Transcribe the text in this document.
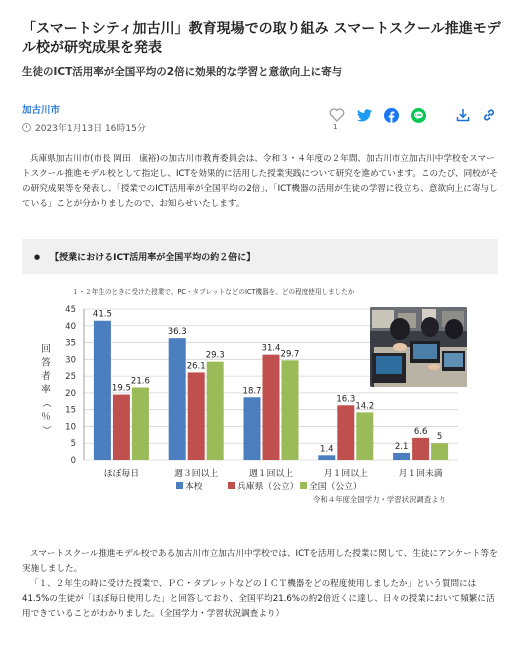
「スマートシティ加古川」教育現場での取り組み スマートスクール推進モデル校が研究成果を発表

生徒のICT活用率が全国平均の2倍に効果的な学習と意欲向上に寄与

加古川市
2023年1月13日 16時15分	1
LINE

兵庫県加古川市(市長 岡田　康裕)の加古川市教育委員会は、令和３・４年度の２年間、加古川市立加古川中学校をスマートスクール推進モデル校として指定し、ICTを効果的に活用した授業実践について研究を進めています。このたび、同校がその研究成果等を発表し、「授業でのICT活用率が全国平均の2倍」、「ICT機器の活用が生徒の学習に役立ち、意欲向上に寄与している」ことが分かりましたので、お知らせいたします。

● 【授業におけるICT活用率が全国平均の約２倍に】
0
5
10
15
20
25
30
35
40
45 41.5
19.5
21.6
ほぼ毎日
36.3
26.1
29.3
週３回以上
18.7
31.4
29.7
週１回以上
1.4
16.3
14.2
月１回以上
2.1
6.6
5
月１回未満
１・２年生のときに受けた授業で、PC・タブレットなどのICT機器を、どの程度使用しましたか
令和４年度全国学力・学習状況調査より
回
答
者
率
（
％
）
本校	兵庫県（公立） 全国（公立）

スマートスクール推進モデル校である加古川市立加古川中学校では、ICTを活用した授業に関して、生徒にアンケート等を実施しました。

「１、２年生の時に受けた授業で、ＰＣ・タブレットなどのＩＣＴ機器をどの程度使用しましたか」という質問には41.5%の生徒が「ほぼ毎日使用した」と回答しており、全国平均21.6%の約2倍近くに達し、日々の授業において頻繁に活用できていることがわかりました。（全国学力・学習状況調査より）
